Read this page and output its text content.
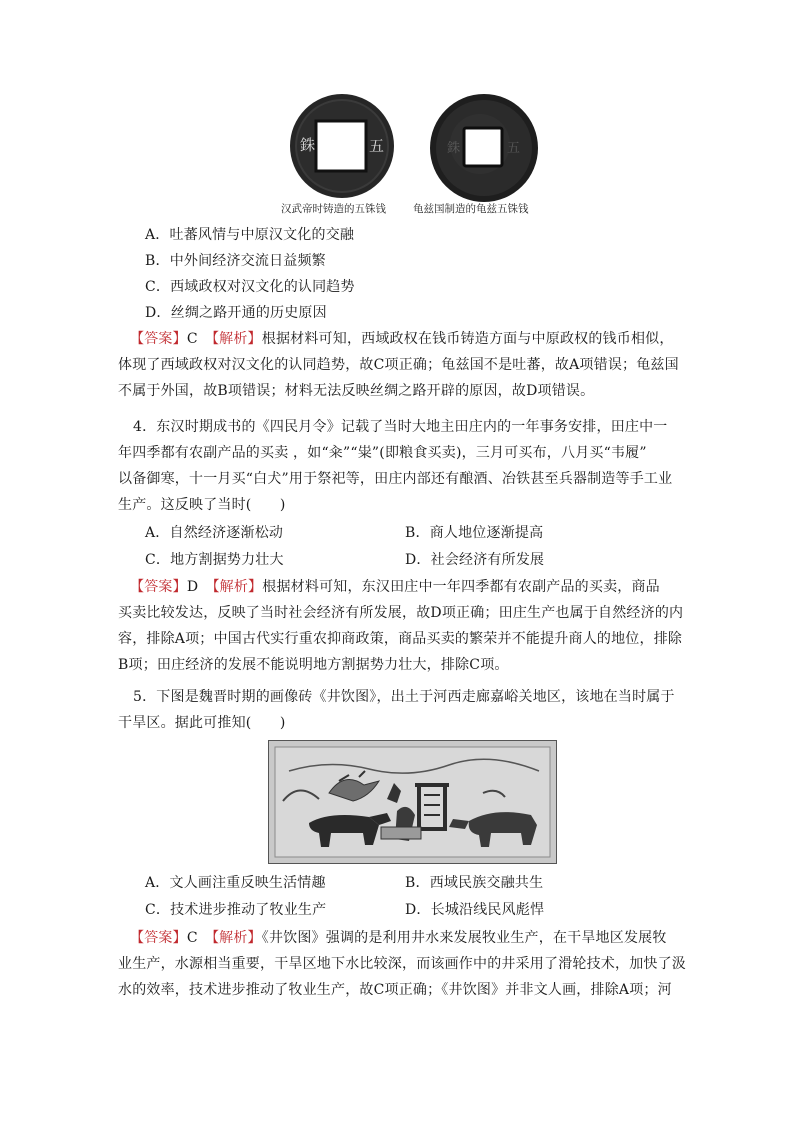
銖	五	銖	五
汉武帝时铸造的五铢钱	龟兹国制造的龟兹五铢钱
A．吐蕃风情与中原汉文化的交融
B．中外间经济交流日益频繁
C．西域政权对汉文化的认同趋势
D．丝绸之路开通的历史原因
【答案】C　 【解析】根据材料可知，西域政权在钱币铸造方面与中原政权的钱币相似，
体现了西域政权对汉文化的认同趋势，故C项正确；龟兹国不是吐蕃，故A项错误；龟兹国
不属于外国，故B项错误；材料无法反映丝绸之路开辟的原因，故D项错误。
4．东汉时期成书的《四民月令》记载了当时大地主田庄内的一年事务安排，田庄中一
年四季都有农副产品的买卖 ，如“籴”“粜”(即粮食买卖)，三月可买布，八月买“韦履”
以备御寒，十一月买“白犬”用于祭祀等，田庄内部还有酿酒、冶铁甚至兵器制造等手工业
生产。这反映了当时(　　)
A．自然经济逐渐松动	B．商人地位逐渐提高
C．地方割据势力壮大	D．社会经济有所发展
【答案】D　 【解析】根据材料可知，东汉田庄中一年四季都有农副产品的买卖，商品
买卖比较发达，反映了当时社会经济有所发展，故D项正确；田庄生产也属于自然经济的内
容，排除A项；中国古代实行重农抑商政策，商品买卖的繁荣并不能提升商人的地位，排除
B项；田庄经济的发展不能说明地方割据势力壮大，排除C项。
5．下图是魏晋时期的画像砖《井饮图》，出土于河西走廊嘉峪关地区，该地在当时属于
干旱区。据此可推知(　　)
A．文人画注重反映生活情趣	B．西域民族交融共生
C．技术进步推动了牧业生产	D．长城沿线民风彪悍
【答案】C　 【解析】《井饮图》强调的是利用井水来发展牧业生产，在干旱地区发展牧
业生产，水源相当重要，干旱区地下水比较深，而该画作中的井采用了滑轮技术，加快了汲
水的效率，技术进步推动了牧业生产，故C项正确；《井饮图》并非文人画，排除A项；河
